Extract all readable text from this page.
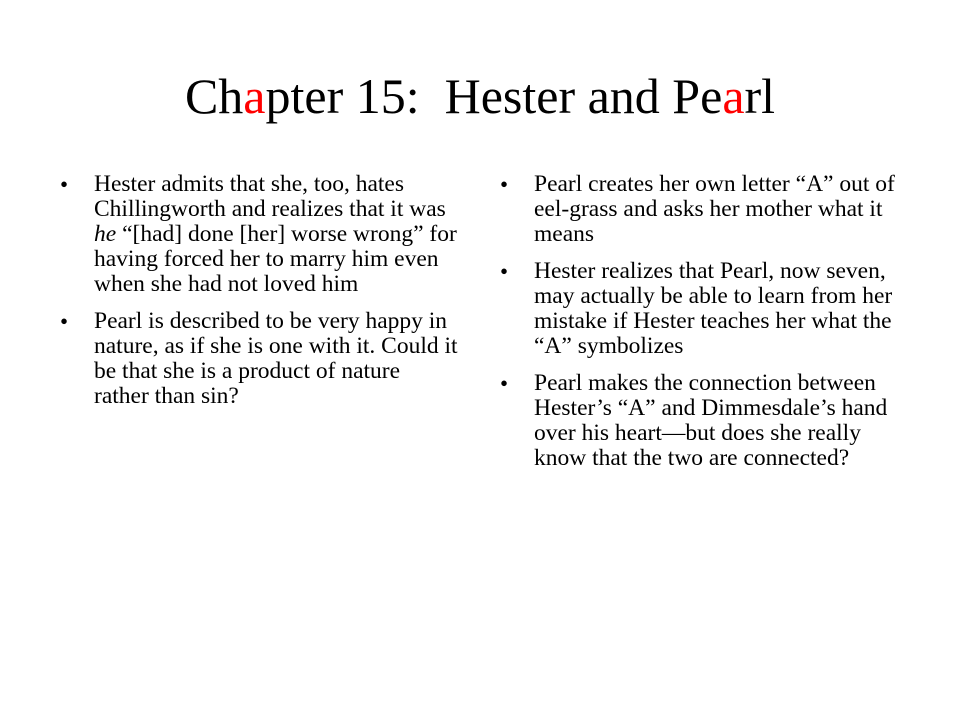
Chapter 15:  Hester and Pearl
•	Hester admits that she, too, hates Chillingworth and realizes that it was he “[had] done [her] worse wrong” for having forced her to marry him even when she had not loved him
•	Pearl is described to be very happy in nature, as if she is one with it. Could it be that she is a product of nature rather than sin?
•	Pearl creates her own letter “A” out of eel-grass and asks her mother what it means
•	Hester realizes that Pearl, now seven, may actually be able to learn from her mistake if Hester teaches her what the “A” symbolizes
•	Pearl makes the connection between Hester’s “A” and Dimmesdale’s hand over his heart—but does she really know that the two are connected?
